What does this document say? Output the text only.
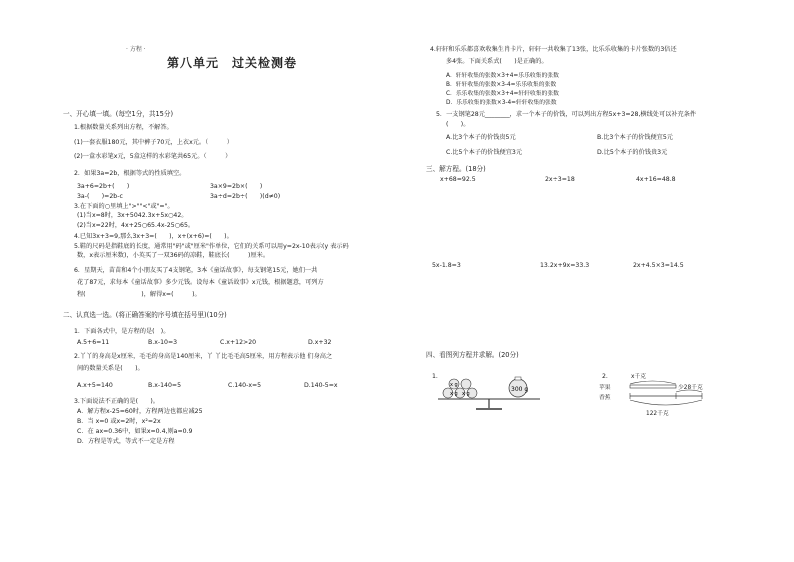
· 方程 ·
第八单元　过关检测卷
一、开心填一填。(每空1分，共15分)
1.根据数量关系列出方程，不解答。
(1)一套衣服180元，其中裤子70元，上衣x元。（　　　）
(2)一盒水彩笔x元，5盒这样的水彩笔共65元。（　　　）
2．如果3a=2b，根据等式的性质填空。
3a+6=2b+(　　)	3a×9=2b×(　　)
3a-(　　)=2b-c	3a÷d=2b÷(　　)(d≠0)
3.在下面的○里填上">""<"或"="。
(1)当x=8时，3x+5042.3x+5x○42。
(2)当x=22时，4x+25○65.4x-25○65。
4.已知3x+3=9,那么3x+3=(　　)，x+(x+6)=(　　)。
5.鞋的尺码是指鞋底的长度，通常用"码"或"厘米"作单位，它们的关系可以用y=2x-10表示(y 表示码
数，x表示厘米数)，小英买了一双36码的凉鞋，鞋底长(　　　)厘米。
6．星期天，苗苗和4个小朋友买了4支钢笔，3本《童话故事》，每支钢笔15元，她们一共
花了87元，求每本《童话故事》多少元钱。设每本《童话故事》x元钱，根据题意，可列方
程(　　　　　　　　　)，解得x=(　　　)。
二、认真选一选。(将正确答案的序号填在括号里)(10分)
1．下面各式中，是方程的是(　)。
A.5+6=11	B.x-10=3	C.x+12>20	D.x+32
2.丫丫的身高是x厘米，毛毛的身高是140厘米，丫 丫比毛毛高5厘米，用方程表示他 们身高之
间的数量关系是(　　)。
A.x+5=140	B.x-140=5	C.140-x=5	D.140-5=x
3.下面说法不正确的是(　　)。
A．解方程x-25=60时，方程两边也都应减25
B．当 x=0 或x=2时，x²=2x
C．在 ax=0.36中，如果x=0.4,则a=0.9
D．方程是等式，等式不一定是方程
4.轩轩和乐乐都喜欢收集生肖卡片，轩轩一共收集了13张，比乐乐收集的卡片张数的3倍还
多4张。下面关系式(　　)是正确的。
A．轩轩收集的张数×3+4=乐乐收集的张数
B．轩轩收集的张数×3-4=乐乐收集的张数
C．乐乐收集的张数×3+4=轩轩收集的张数
D．乐乐收集的张数×3-4=轩轩收集的张数
5．一支钢笔28元________，求一个本子的价钱，可以列出方程5x+3=28,横线处可以补充条件
(　　)。
A.比3个本子的价钱贵5元	B.比3个本子的价钱便宜5元
C.比5个本子的价钱便宜3元	D.比5个本子的价钱贵3元
三、解方程。(18分)
x+68=92.5	2x÷3=18	4x+16=48.8
5x-1.8=3	13.2x+9x=33.3	2x+4.5×3=14.5
四、看图列方程并求解。(20分)
1.
x g x g
x g
300 g
2.	x千克
苹果
香蕉
少28千克
122千克
